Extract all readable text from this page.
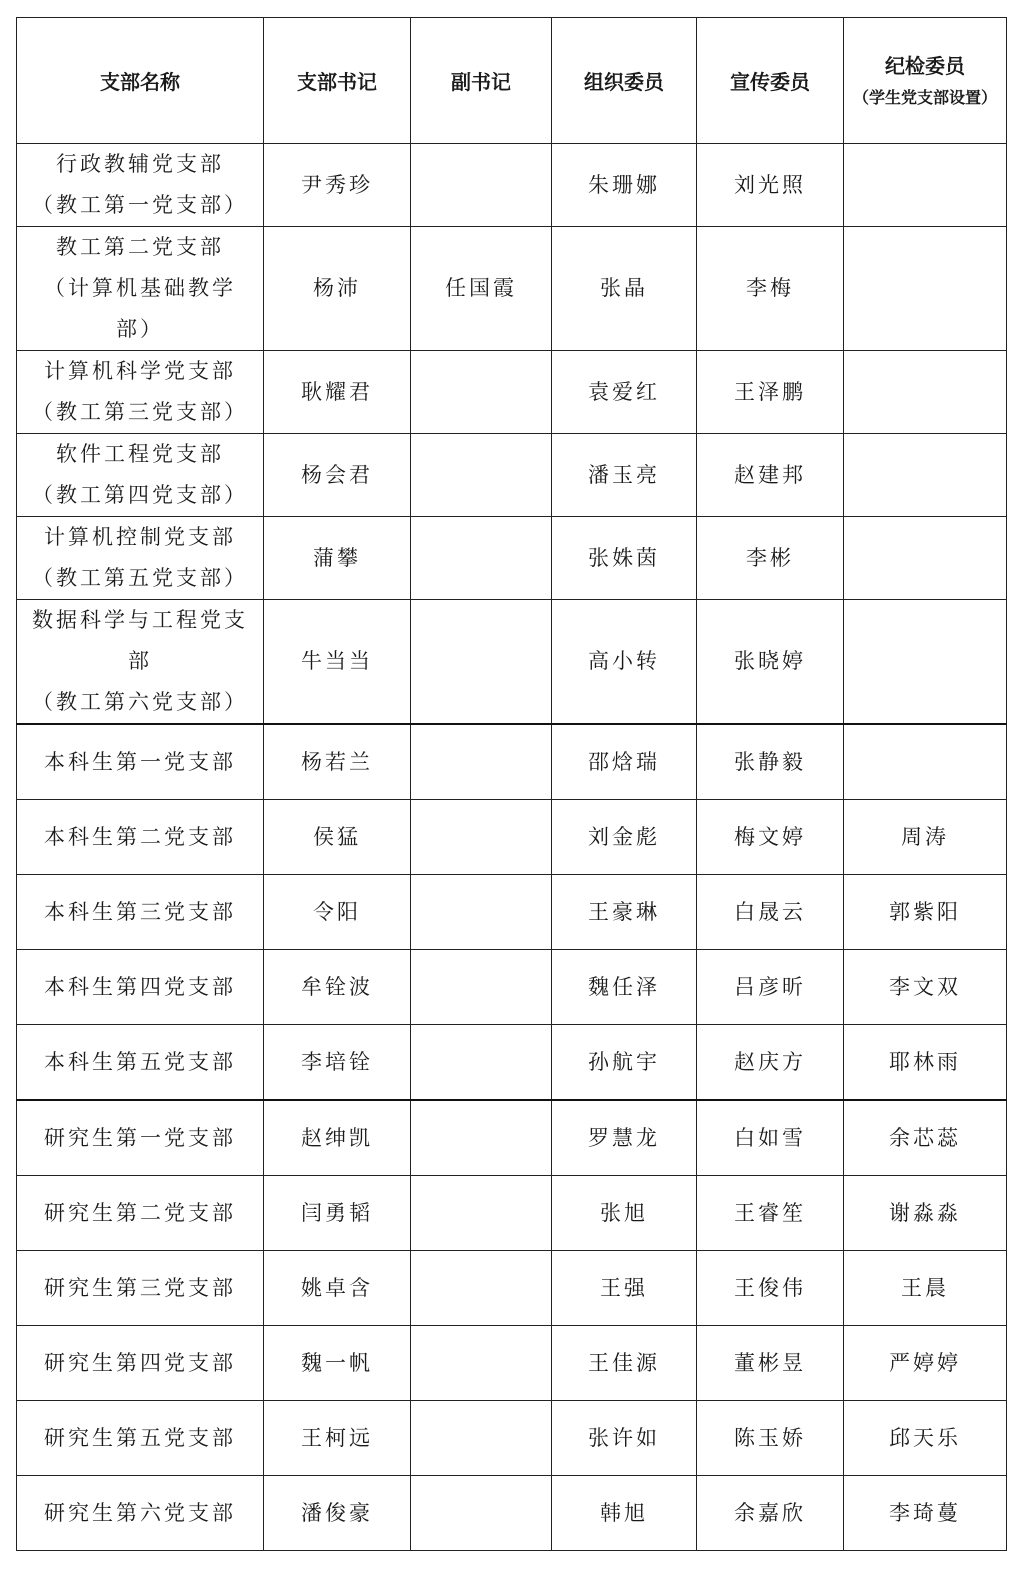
支部名称	支部书记	副书记	组织委员	宣传委员	纪检委员
（学生党支部设置）

行政教辅党支部
（教工第一党支部）	尹秀珍		朱珊娜	刘光照	
教工第二党支部
（计算机基础教学
部）	杨沛	任国霞	张晶	李梅	
计算机科学党支部
（教工第三党支部）	耿耀君		袁爱红	王泽鹏	
软件工程党支部
（教工第四党支部）	杨会君		潘玉亮	赵建邦	
计算机控制党支部
（教工第五党支部）	蒲攀		张姝茵	李彬	
数据科学与工程党支
部
（教工第六党支部）	牛当当		高小转	张晓婷	
本科生第一党支部	杨若兰		邵焓瑞	张静毅	
本科生第二党支部	侯猛		刘金彪	梅文婷	周涛
本科生第三党支部	令阳		王豪琳	白晟云	郭紫阳
本科生第四党支部	牟铨波		魏任泽	吕彦昕	李文双
本科生第五党支部	李培铨		孙航宇	赵庆方	耶林雨
研究生第一党支部	赵绅凯		罗慧龙	白如雪	余芯蕊
研究生第二党支部	闫勇韬		张旭	王睿笙	谢淼淼
研究生第三党支部	姚卓含		王强	王俊伟	王晨
研究生第四党支部	魏一帆		王佳源	董彬昱	严婷婷
研究生第五党支部	王柯远		张许如	陈玉娇	邱天乐
研究生第六党支部	潘俊豪		韩旭	余嘉欣	李琦蔓
